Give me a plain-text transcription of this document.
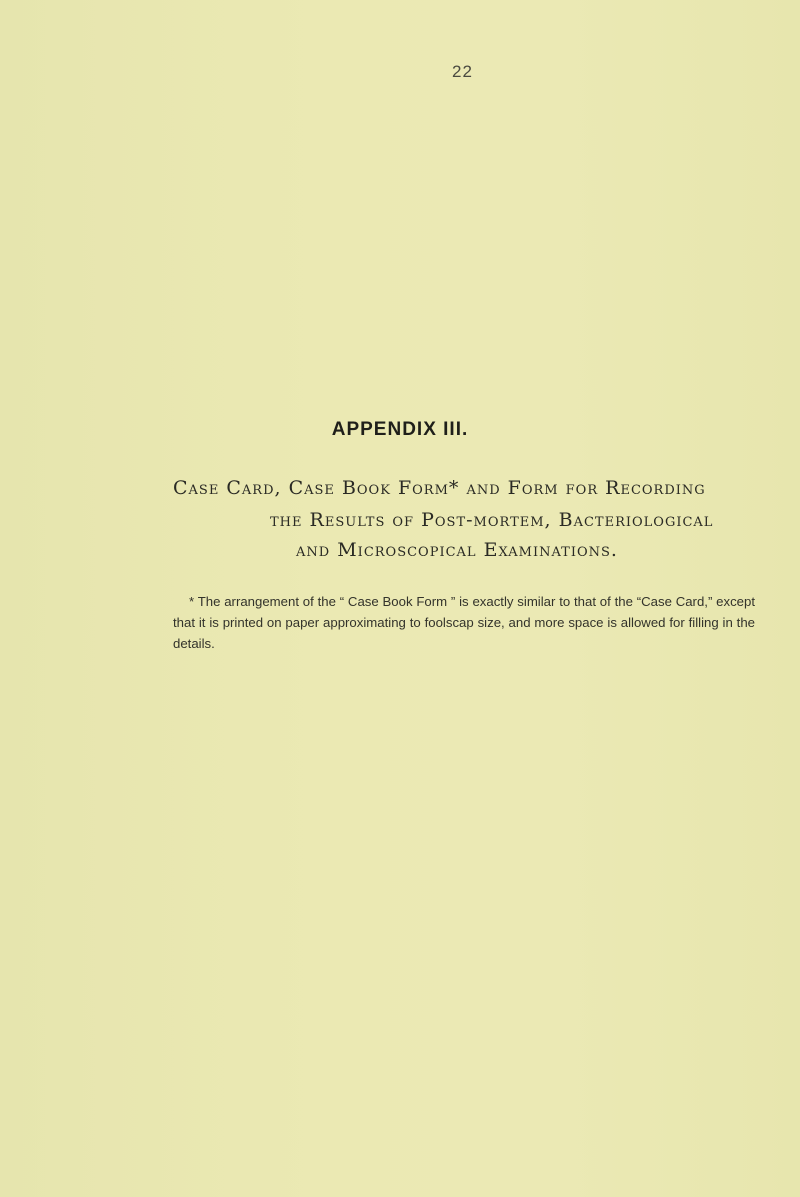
22
APPENDIX III.
Case Card, Case Book Form* and Form for Recording
the Results of Post-mortem, Bacteriological
and Microscopical Examinations.

* The arrangement of the “ Case Book Form ” is exactly similar to that of the “Case Card,” except that it is printed on paper approximating to foolscap size, and more space is allowed for filling in the details.
